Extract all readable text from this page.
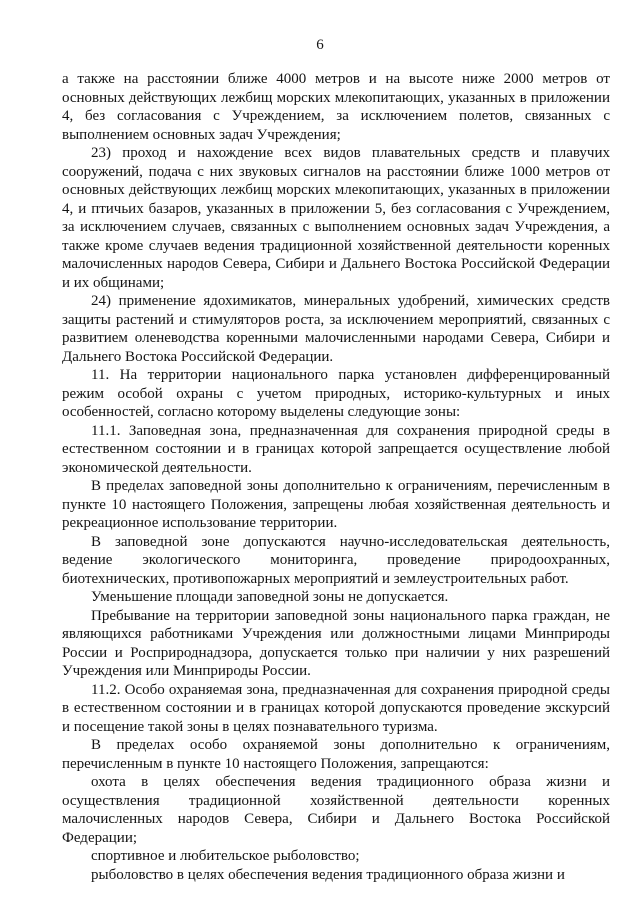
6

а также на расстоянии ближе 4000 метров и на высоте ниже 2000 метров от основных действующих лежбищ морских млекопитающих, указанных в приложении 4, без согласования с Учреждением, за исключением полетов, связанных с выполнением основных задач Учреждения;

23) проход и нахождение всех видов плавательных средств и плавучих сооружений, подача с них звуковых сигналов на расстоянии ближе 1000 метров от основных действующих лежбищ морских млекопитающих, указанных в приложении 4, и птичьих базаров, указанных в приложении 5, без согласования с Учреждением, за исключением случаев, связанных с выполнением основных задач Учреждения, а также кроме случаев ведения традиционной хозяйственной деятельности коренных малочисленных народов Севера, Сибири и Дальнего Востока Российской Федерации и их общинами;

24) применение ядохимикатов, минеральных удобрений, химических средств защиты растений и стимуляторов роста, за исключением мероприятий, связанных с развитием оленеводства коренными малочисленными народами Севера, Сибири и Дальнего Востока Российской Федерации.

11. На территории национального парка установлен дифференцированный режим особой охраны с учетом природных, историко-культурных и иных особенностей, согласно которому выделены следующие зоны:

11.1. Заповедная зона, предназначенная для сохранения природной среды в естественном состоянии и в границах которой запрещается осуществление любой экономической деятельности.

В пределах заповедной зоны дополнительно к ограничениям, перечисленным в пункте 10 настоящего Положения, запрещены любая хозяйственная деятельность и рекреационное использование территории.

В заповедной зоне допускаются научно-исследовательская деятельность, ведение экологического мониторинга, проведение природоохранных, биотехнических, противопожарных мероприятий и землеустроительных работ.

Уменьшение площади заповедной зоны не допускается.

Пребывание на территории заповедной зоны национального парка граждан, не являющихся работниками Учреждения или должностными лицами Минприроды России и Росприроднадзора, допускается только при наличии у них разрешений Учреждения или Минприроды России.

11.2. Особо охраняемая зона, предназначенная для сохранения природной среды в естественном состоянии и в границах которой допускаются проведение экскурсий и посещение такой зоны в целях познавательного туризма.

В пределах особо охраняемой зоны дополнительно к ограничениям, перечисленным в пункте 10 настоящего Положения, запрещаются:

охота в целях обеспечения ведения традиционного образа жизни и осуществления традиционной хозяйственной деятельности коренных малочисленных народов Севера, Сибири и Дальнего Востока Российской Федерации;

спортивное и любительское рыболовство;

рыболовство в целях обеспечения ведения традиционного образа жизни и
